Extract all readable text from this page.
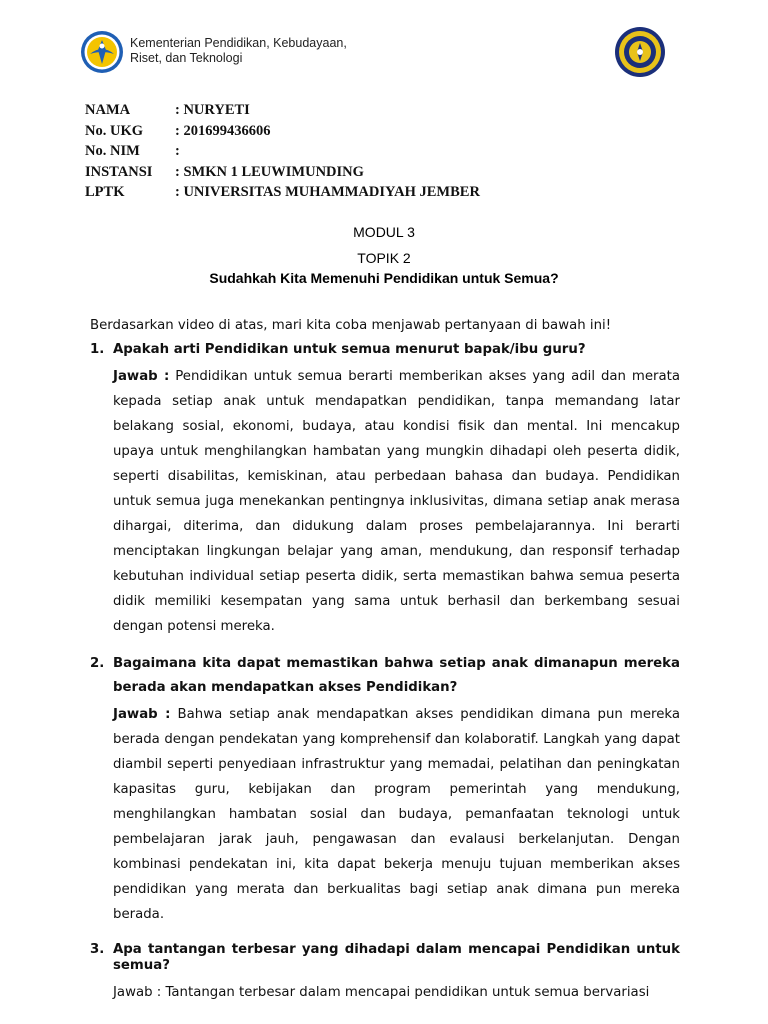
Kementerian Pendidikan, Kebudayaan,
Riset, dan Teknologi
NAMA	: NURYETI
No. UKG	: 201699436606
No. NIM	:
INSTANSI	: SMKN 1 LEUWIMUNDING
LPTK	: UNIVERSITAS MUHAMMADIYAH JEMBER
MODUL 3
TOPIK 2
Sudahkah Kita Memenuhi Pendidikan untuk Semua?
Berdasarkan video di atas, mari kita coba menjawab pertanyaan di bawah ini!
1. Apakah arti Pendidikan untuk semua menurut bapak/ibu guru?
Jawab : Pendidikan untuk semua berarti memberikan akses yang adil dan merata kepada setiap anak untuk mendapatkan pendidikan, tanpa memandang latar belakang sosial, ekonomi, budaya, atau kondisi fisik dan mental. Ini mencakup upaya untuk menghilangkan hambatan yang mungkin dihadapi oleh peserta didik, seperti disabilitas, kemiskinan, atau perbedaan bahasa dan budaya. Pendidikan untuk semua juga menekankan pentingnya inklusivitas, dimana setiap anak merasa dihargai, diterima, dan didukung dalam proses pembelajarannya. Ini berarti menciptakan lingkungan belajar yang aman, mendukung, dan responsif terhadap kebutuhan individual setiap peserta didik, serta memastikan bahwa semua peserta didik memiliki kesempatan yang sama untuk berhasil dan berkembang sesuai dengan potensi mereka.
2. Bagaimana kita dapat memastikan bahwa setiap anak dimanapun mereka berada akan mendapatkan akses Pendidikan?
Jawab : Bahwa setiap anak mendapatkan akses pendidikan dimana pun mereka berada dengan pendekatan yang komprehensif dan kolaboratif. Langkah yang dapat diambil seperti penyediaan infrastruktur yang memadai, pelatihan dan peningkatan kapasitas guru, kebijakan dan program pemerintah yang mendukung, menghilangkan hambatan sosial dan budaya, pemanfaatan teknologi untuk pembelajaran jarak jauh, pengawasan dan evalausi berkelanjutan. Dengan kombinasi pendekatan ini, kita dapat bekerja menuju tujuan memberikan akses pendidikan yang merata dan berkualitas bagi setiap anak dimana pun mereka berada.
3. Apa tantangan terbesar yang dihadapi dalam mencapai Pendidikan untuk semua?
Jawab : Tantangan terbesar dalam mencapai pendidikan untuk semua bervariasi
